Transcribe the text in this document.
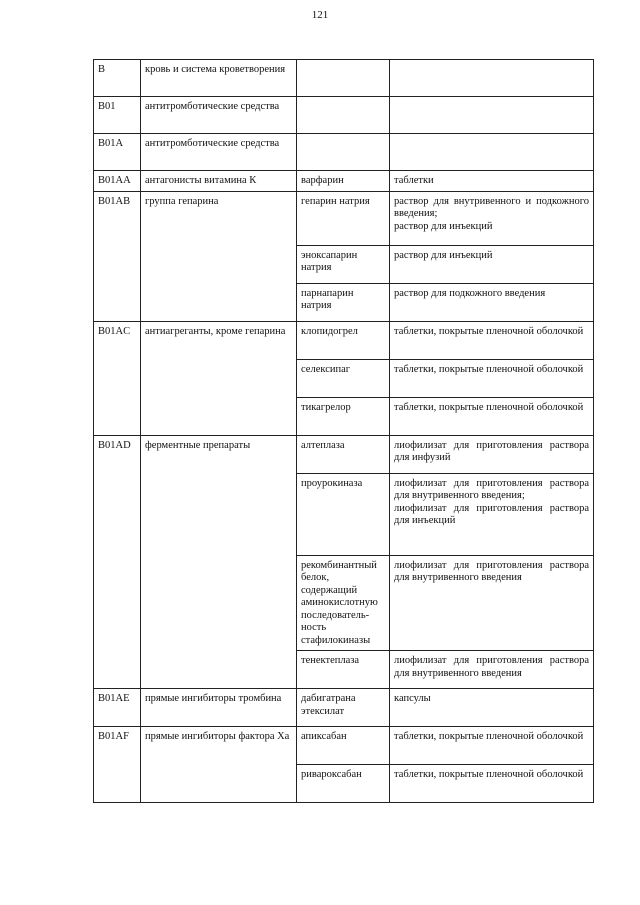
121
B	кровь и система кроветворения		

B01	антитромботические средства		

B01A	антитромботические средства		

B01AA	антагонисты витамина К	варфарин	таблетки

B01AB	группа гепарина	гепарин натрия	раствор для внутривенного и подкожного введения;
раствор для инъекций

		эноксапарин натрия	раствор для инъекций

		парнапарин натрия	раствор для подкожного введения

B01AC	антиагреганты, кроме гепарина	клопидогрел	таблетки, покрытые пленочной оболочкой

		селексипаг	таблетки, покрытые пленочной оболочкой

		тикагрелор	таблетки, покрытые пленочной оболочкой

B01AD	ферментные препараты	алтеплаза	лиофилизат для приготовления раствора для инфузий

		проурокиназа	лиофилизат для приготовления раствора для внутривенного введения;
лиофилизат для приготовления раствора для инъекций

		рекомбинантный белок, содержащий аминокислотную последователь-ность стафилокиназы	лиофилизат для приготовления раствора для внутривенного введения

		тенектеплаза	лиофилизат для приготовления раствора для внутривенного введения

B01AE	прямые ингибиторы тромбина	дабигатрана этексилат	капсулы

B01AF	прямые ингибиторы фактора Xa	апиксабан	таблетки, покрытые пленочной оболочкой

		ривароксабан	таблетки, покрытые пленочной оболочкой
